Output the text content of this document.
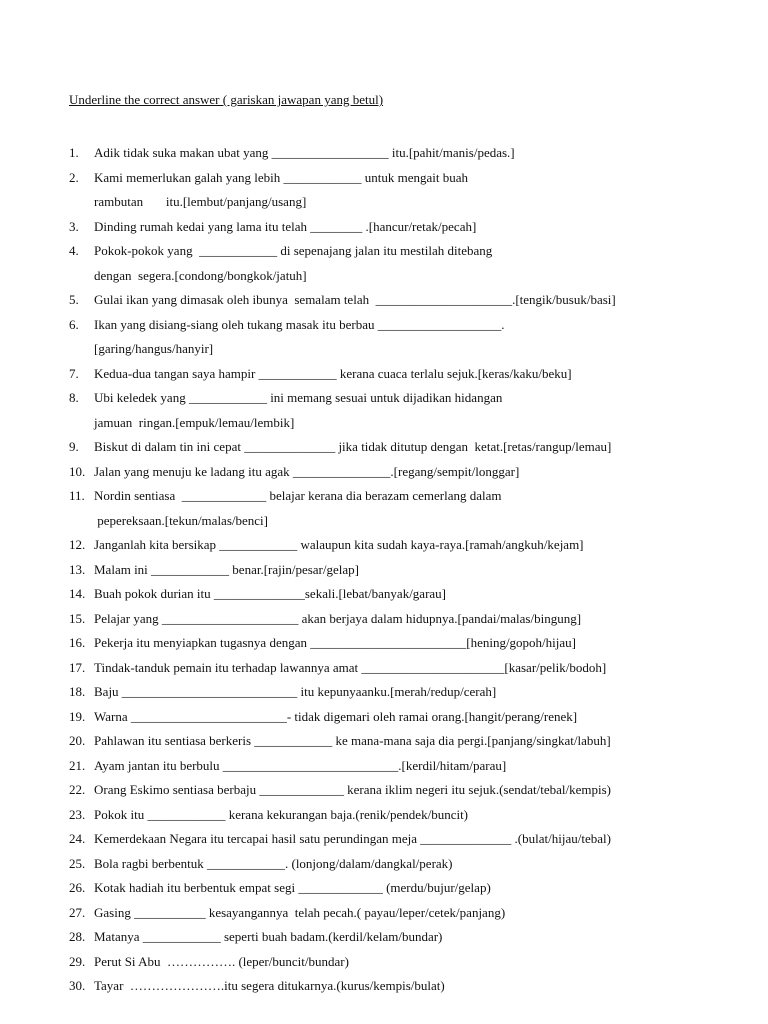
Underline the correct answer ( gariskan jawapan yang betul)
1.	Adik tidak suka makan ubat yang __________________ itu.[pahit/manis/pedas.]
2.	Kami memerlukan galah yang lebih ____________ untuk mengait buah
rambutan       itu.[lembut/panjang/usang]
3.	Dinding rumah kedai yang lama itu telah ________ .[hancur/retak/pecah]
4.	Pokok-pokok yang  ____________ di sepenajang jalan itu mestilah ditebang
dengan  segera.[condong/bongkok/jatuh]
5.	Gulai ikan yang dimasak oleh ibunya  semalam telah  _____________________.[tengik/busuk/basi]
6.	Ikan yang disiang-siang oleh tukang masak itu berbau ___________________.
[garing/hangus/hanyir]
7.	Kedua-dua tangan saya hampir ____________ kerana cuaca terlalu sejuk.[keras/kaku/beku]
8.	Ubi keledek yang ____________ ini memang sesuai untuk dijadikan hidangan
jamuan  ringan.[empuk/lemau/lembik]
9.	Biskut di dalam tin ini cepat ______________ jika tidak ditutup dengan  ketat.[retas/rangup/lemau]
10. Jalan yang menuju ke ladang itu agak _______________.[regang/sempit/longgar]
11. Nordin sentiasa  _____________ belajar kerana dia berazam cemerlang dalam
pepereksaan.[tekun/malas/benci]
12. Janganlah kita bersikap ____________ walaupun kita sudah kaya-raya.[ramah/angkuh/kejam]
13. Malam ini ____________ benar.[rajin/pesar/gelap]
14. Buah pokok durian itu ______________sekali.[lebat/banyak/garau]
15. Pelajar yang _____________________ akan berjaya dalam hidupnya.[pandai/malas/bingung]
16. Pekerja itu menyiapkan tugasnya dengan ________________________[hening/gopoh/hijau]
17. Tindak-tanduk pemain itu terhadap lawannya amat ______________________[kasar/pelik/bodoh]
18. Baju ___________________________ itu kepunyaanku.[merah/redup/cerah]
19. Warna ________________________- tidak digemari oleh ramai orang.[hangit/perang/renek]
20. Pahlawan itu sentiasa berkeris ____________ ke mana-mana saja dia pergi.[panjang/singkat/labuh]
21. Ayam jantan itu berbulu ___________________________.[kerdil/hitam/parau]
22. Orang Eskimo sentiasa berbaju _____________ kerana iklim negeri itu sejuk.(sendat/tebal/kempis)
23. Pokok itu ____________ kerana kekurangan baja.(renik/pendek/buncit)
24. Kemerdekaan Negara itu tercapai hasil satu perundingan meja ______________ .(bulat/hijau/tebal)
25. Bola ragbi berbentuk ____________. (lonjong/dalam/dangkal/perak)
26. Kotak hadiah itu berbentuk empat segi _____________ (merdu/bujur/gelap)
27. Gasing ___________ kesayangannya  telah pecah.( payau/leper/cetek/panjang)
28. Matanya ____________ seperti buah badam.(kerdil/kelam/bundar)
29. Perut Si Abu  ……………. (leper/buncit/bundar)
30. Tayar  ………………….itu segera ditukarnya.(kurus/kempis/bulat)
